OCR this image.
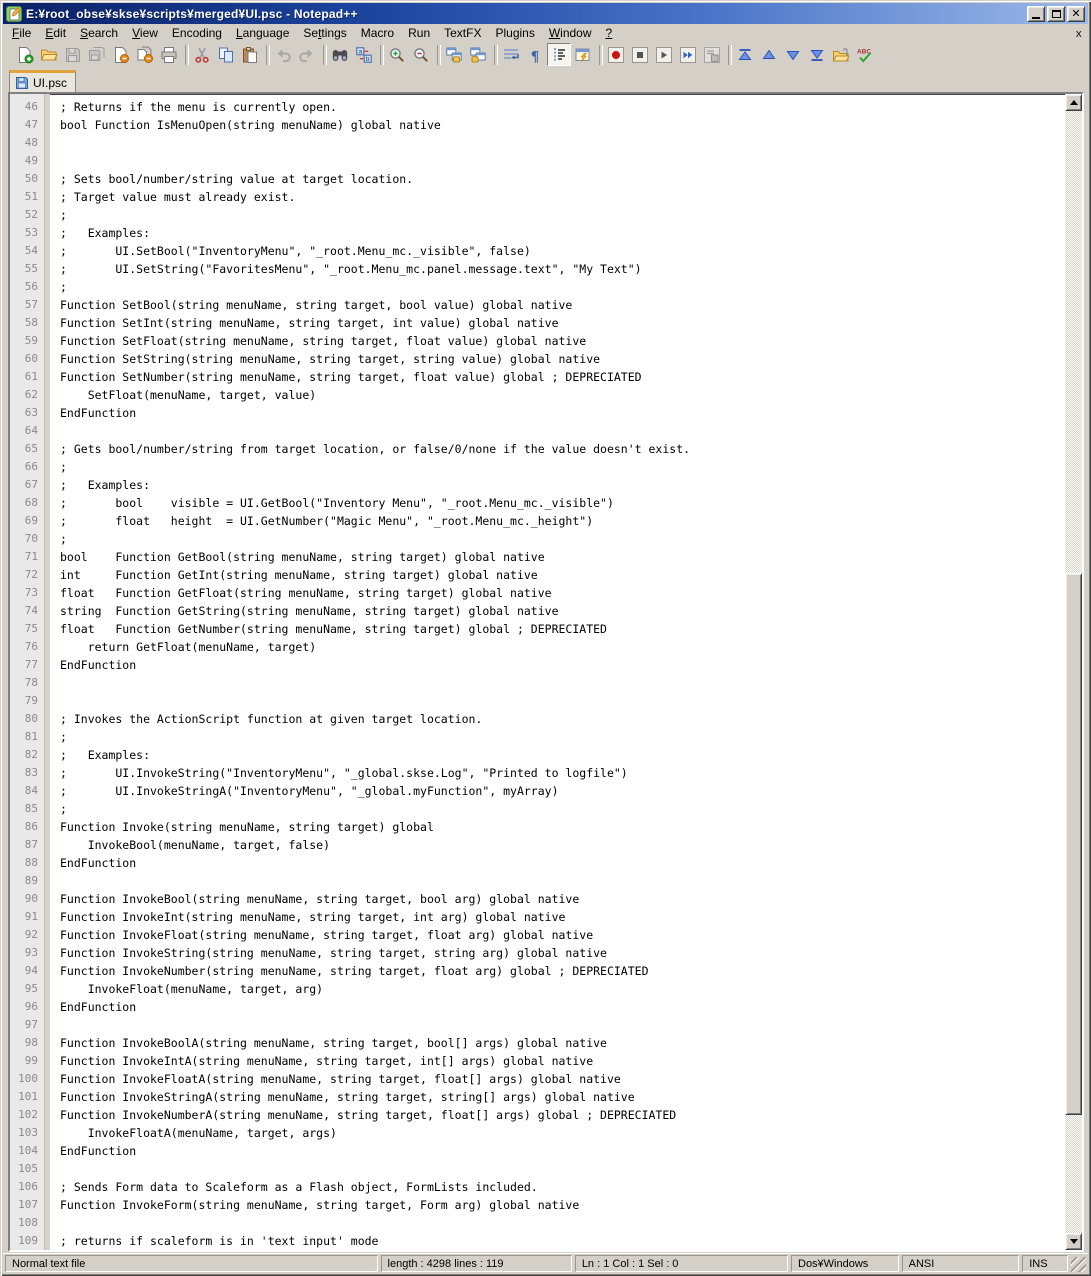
E:¥root_obse¥skse¥scripts¥merged¥UI.psc - Notepad++	✕
File	Edit	Search	View	Encoding	Language	Settings	Macro	Run	TextFX	Plugins	Window	?	x
a
b	¶	ABC
UI.psc
46
47
48
49
50
51
52
53
54
55
56
57
58
59
60
61
62
63
64
65
66
67
68
69
70
71
72
73
74
75
76
77
78
79
80
81
82
83
84
85
86
87
88
89
90
91
92
93
94
95
96
97
98
99
100
101
102
103
104
105
106
107
108
109
; Returns if the menu is currently open.
bool Function IsMenuOpen(string menuName) global native
; Sets bool/number/string value at target location.
; Target value must already exist.
;
;   Examples:
;       UI.SetBool("InventoryMenu", "_root.Menu_mc._visible", false)
;       UI.SetString("FavoritesMenu", "_root.Menu_mc.panel.message.text", "My Text")
;
Function SetBool(string menuName, string target, bool value) global native
Function SetInt(string menuName, string target, int value) global native
Function SetFloat(string menuName, string target, float value) global native
Function SetString(string menuName, string target, string value) global native
Function SetNumber(string menuName, string target, float value) global ; DEPRECIATED
SetFloat(menuName, target, value)
EndFunction
; Gets bool/number/string from target location, or false/0/none if the value doesn't exist.
;
;   Examples:
;       bool    visible = UI.GetBool("Inventory Menu", "_root.Menu_mc._visible")
;       float   height  = UI.GetNumber("Magic Menu", "_root.Menu_mc._height")
;
bool    Function GetBool(string menuName, string target) global native
int     Function GetInt(string menuName, string target) global native
float   Function GetFloat(string menuName, string target) global native
string  Function GetString(string menuName, string target) global native
float   Function GetNumber(string menuName, string target) global ; DEPRECIATED
return GetFloat(menuName, target)
EndFunction
; Invokes the ActionScript function at given target location.
;
;   Examples:
;       UI.InvokeString("InventoryMenu", "_global.skse.Log", "Printed to logfile")
;       UI.InvokeStringA("InventoryMenu", "_global.myFunction", myArray)
;
Function Invoke(string menuName, string target) global
InvokeBool(menuName, target, false)
EndFunction
Function InvokeBool(string menuName, string target, bool arg) global native
Function InvokeInt(string menuName, string target, int arg) global native
Function InvokeFloat(string menuName, string target, float arg) global native
Function InvokeString(string menuName, string target, string arg) global native
Function InvokeNumber(string menuName, string target, float arg) global ; DEPRECIATED
InvokeFloat(menuName, target, arg)
EndFunction
Function InvokeBoolA(string menuName, string target, bool[] args) global native
Function InvokeIntA(string menuName, string target, int[] args) global native
Function InvokeFloatA(string menuName, string target, float[] args) global native
Function InvokeStringA(string menuName, string target, string[] args) global native
Function InvokeNumberA(string menuName, string target, float[] args) global ; DEPRECIATED
InvokeFloatA(menuName, target, args)
EndFunction
; Sends Form data to Scaleform as a Flash object, FormLists included.
Function InvokeForm(string menuName, string target, Form arg) global native
; returns if scaleform is in 'text input' mode
Normal text file	length : 4298 lines : 119	Ln : 1 Col : 1 Sel : 0	Dos¥Windows	ANSI	INS
